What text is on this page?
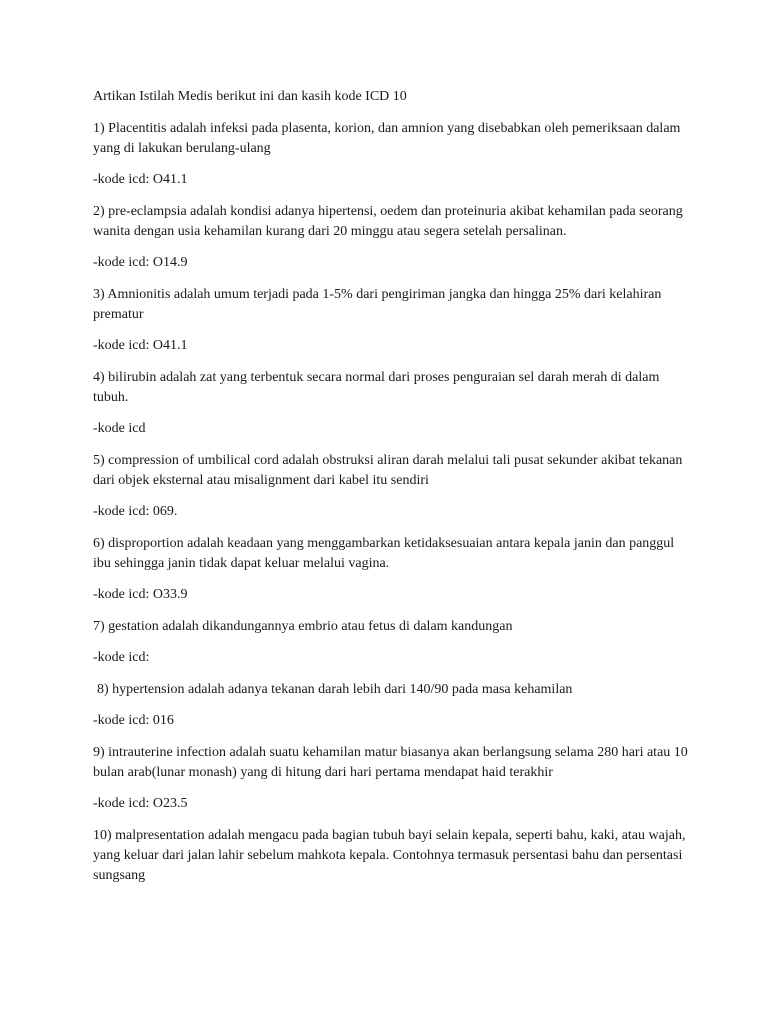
Artikan Istilah Medis berikut ini dan kasih kode ICD 10

1) Placentitis adalah infeksi pada plasenta, korion, dan amnion yang disebabkan oleh pemeriksaan dalam yang di lakukan berulang-ulang

-kode icd: O41.1

2) pre-eclampsia adalah kondisi adanya hipertensi, oedem dan proteinuria akibat kehamilan pada seorang wanita dengan usia kehamilan kurang dari 20 minggu atau segera setelah persalinan.

-kode icd: O14.9

3) Amnionitis adalah umum terjadi pada 1-5% dari pengiriman jangka dan hingga 25% dari kelahiran prematur

-kode icd: O41.1

4) bilirubin adalah zat yang terbentuk secara normal dari proses penguraian sel darah merah di dalam tubuh.

-kode icd

5) compression of umbilical cord adalah obstruksi aliran darah melalui tali pusat sekunder akibat tekanan dari objek eksternal atau misalignment dari kabel itu sendiri

-kode icd: 069.

6) disproportion adalah keadaan yang menggambarkan ketidaksesuaian antara kepala janin dan panggul ibu sehingga janin tidak dapat keluar melalui vagina.

-kode icd: O33.9

7) gestation adalah dikandungannya embrio atau fetus di dalam kandungan

-kode icd:

8) hypertension adalah adanya tekanan darah lebih dari 140/90 pada masa kehamilan

-kode icd: 016

9) intrauterine infection adalah suatu kehamilan matur biasanya akan berlangsung selama 280 hari atau 10 bulan arab(lunar monash) yang di hitung dari hari pertama mendapat haid terakhir

-kode icd: O23.5

10) malpresentation adalah mengacu pada bagian tubuh bayi selain kepala, seperti bahu, kaki, atau wajah, yang keluar dari jalan lahir sebelum mahkota kepala. Contohnya termasuk persentasi bahu dan persentasi sungsang
